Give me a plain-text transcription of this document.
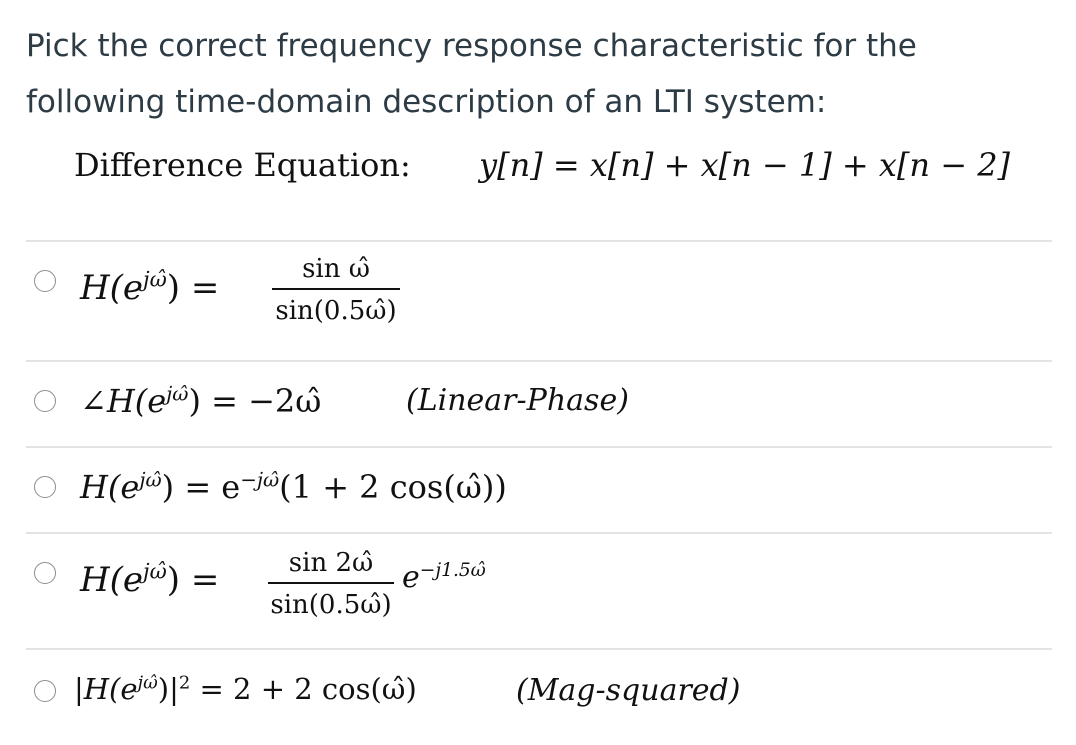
Pick the correct frequency response characteristic for the following time-domain description of an LTI system:
Difference Equation: y[n] = x[n] + x[n − 1] + x[n − 2]
$H(e^{j\omegâ})$ =	sin ω̂
sin(0.5ω̂)
$\angle H(e^{j\omegâ})$ = −2ω̂	(Linear-Phase)
$H(e^{j\omegâ}) = e^{-j\omegâ}(1 + 2$ cos(ω̂))
$H(e^{j\omegâ})$ =	sin 2ω̂
sin(0.5ω̂)
$e^{-j1.5\omegâ}$
$|H(e^{j\omegâ})|^2 = 2 + 2$ cos(ω̂)	(Mag-squared)
